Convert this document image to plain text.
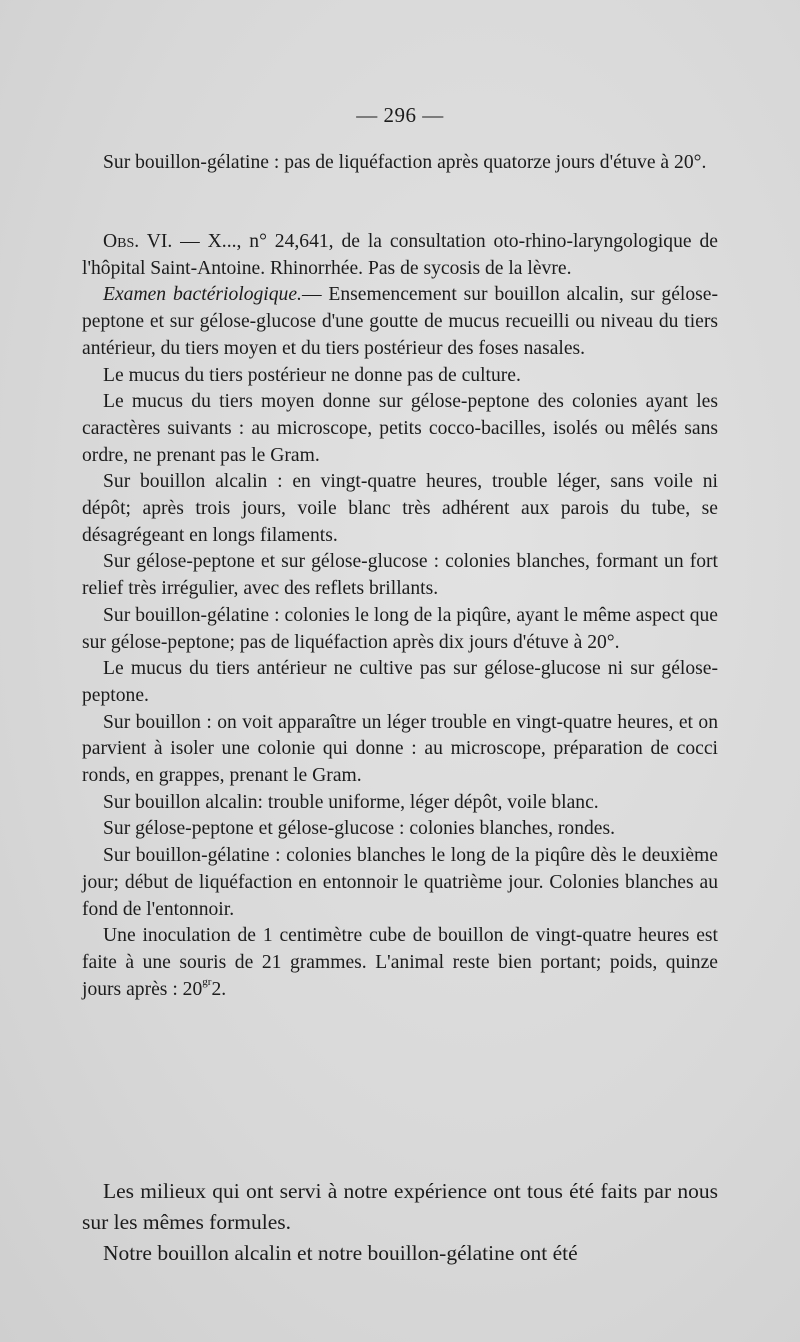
— 296 —

Sur bouillon-gélatine : pas de liquéfaction après quatorze jours d'étuve à 20°.

Obs. VI. — X..., n° 24,641, de la consultation oto-rhino-laryngologique de l'hôpital Saint-Antoine. Rhinorrhée. Pas de sycosis de la lèvre.

Examen bactériologique.— Ensemencement sur bouillon alcalin, sur gélose-peptone et sur gélose-glucose d'une goutte de mucus recueilli ou niveau du tiers antérieur, du tiers moyen et du tiers postérieur des foses nasales.

Le mucus du tiers postérieur ne donne pas de culture.

Le mucus du tiers moyen donne sur gélose-peptone des colonies ayant les caractères suivants : au microscope, petits cocco-bacilles, isolés ou mêlés sans ordre, ne prenant pas le Gram.

Sur bouillon alcalin : en vingt-quatre heures, trouble léger, sans voile ni dépôt; après trois jours, voile blanc très adhérent aux parois du tube, se désagrégeant en longs filaments.

Sur gélose-peptone et sur gélose-glucose : colonies blanches, formant un fort relief très irrégulier, avec des reflets brillants.

Sur bouillon-gélatine : colonies le long de la piqûre, ayant le même aspect que sur gélose-peptone; pas de liquéfaction après dix jours d'étuve à 20°.

Le mucus du tiers antérieur ne cultive pas sur gélose-glucose ni sur gélose-peptone.

Sur bouillon : on voit apparaître un léger trouble en vingt-quatre heures, et on parvient à isoler une colonie qui donne : au microscope, préparation de cocci ronds, en grappes, prenant le Gram.

Sur bouillon alcalin: trouble uniforme, léger dépôt, voile blanc.

Sur gélose-peptone et gélose-glucose : colonies blanches, rondes.

Sur bouillon-gélatine : colonies blanches le long de la piqûre dès le deuxième jour; début de liquéfaction en entonnoir le quatrième jour. Colonies blanches au fond de l'entonnoir.

Une inoculation de 1 centimètre cube de bouillon de vingt-quatre heures est faite à une souris de 21 grammes. L'animal reste bien portant; poids, quinze jours après : $20^{gr}2$.

Les milieux qui ont servi à notre expérience ont tous été faits par nous sur les mêmes formules.

Notre bouillon alcalin et notre bouillon-gélatine ont été
